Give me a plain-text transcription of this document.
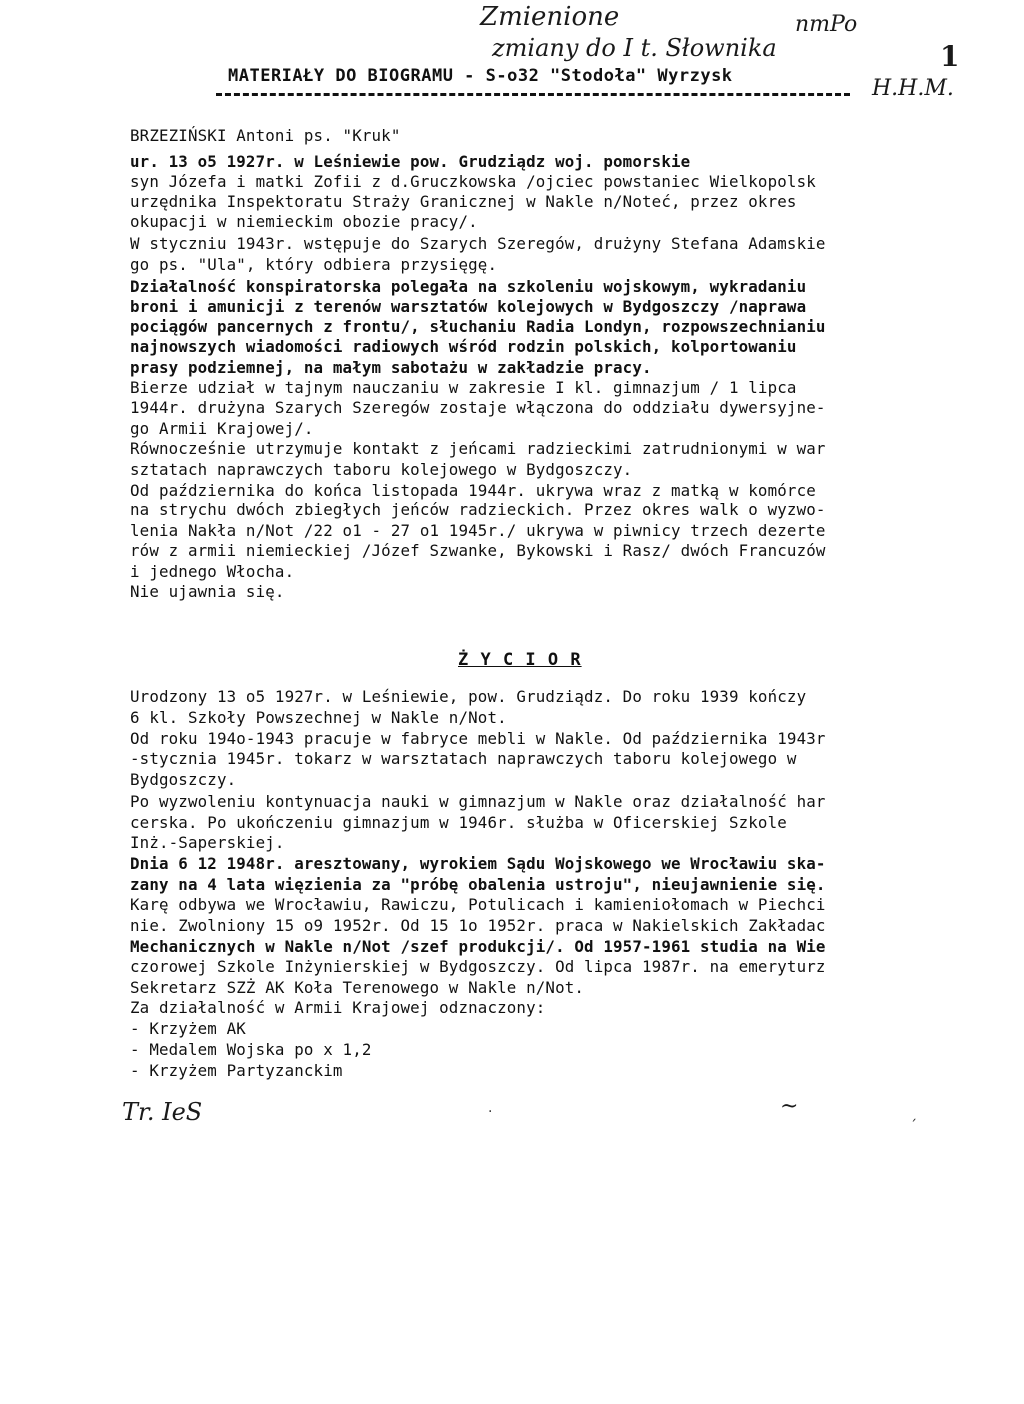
Zmienione	nmPo
zmiany do I t. Słownika	1
H.H.M.
MATERIAŁY DO BIOGRAMU - S-o32 "Stodoła" Wyrzysk
BRZEZIŃSKI Antoni ps. "Kruk"
ur. 13 o5 1927r. w Leśniewie pow. Grudziądz woj. pomorskie
syn Józefa i matki Zofii z d.Gruczkowska /ojciec powstaniec Wielkopolsk
urzędnika Inspektoratu Straży Granicznej w Nakle n/Noteć, przez okres
okupacji w niemieckim obozie pracy/.
W styczniu 1943r. wstępuje do Szarych Szeregów, drużyny Stefana Adamskie
go ps. "Ula", który odbiera przysięgę.
Działalność konspiratorska polegała na szkoleniu wojskowym, wykradaniu
broni i amunicji z terenów warsztatów kolejowych w Bydgoszczy /naprawa
pociągów pancernych z frontu/, słuchaniu Radia Londyn, rozpowszechnianiu
najnowszych wiadomości radiowych wśród rodzin polskich, kolportowaniu
prasy podziemnej, na małym sabotażu w zakładzie pracy.
Bierze udział w tajnym nauczaniu w zakresie I kl. gimnazjum / 1 lipca
1944r. drużyna Szarych Szeregów zostaje włączona do oddziału dywersyjne-
go Armii Krajowej/.
Równocześnie utrzymuje kontakt z jeńcami radzieckimi zatrudnionymi w war
sztatach naprawczych taboru kolejowego w Bydgoszczy.
Od października do końca listopada 1944r. ukrywa wraz z matką w komórce
na strychu dwóch zbiegłych jeńców radzieckich. Przez okres walk o wyzwo-
lenia Nakła n/Not /22 o1 - 27 o1 1945r./ ukrywa w piwnicy trzech dezerte
rów z armii niemieckiej /Józef Szwanke, Bykowski i Rasz/ dwóch Francuzów
i jednego Włocha.
Nie ujawnia się.
Ż Y C I O R
Urodzony 13 o5 1927r. w Leśniewie, pow. Grudziądz. Do roku 1939 kończy
6 kl. Szkoły Powszechnej w Nakle n/Not.
Od roku 194o-1943 pracuje w fabryce mebli w Nakle. Od października 1943r
-stycznia 1945r. tokarz w warsztatach naprawczych taboru kolejowego w
Bydgoszczy.
Po wyzwoleniu kontynuacja nauki w gimnazjum w Nakle oraz działalność har
cerska. Po ukończeniu gimnazjum w 1946r. służba w Oficerskiej Szkole
Inż.-Saperskiej.
Dnia 6 12 1948r. aresztowany, wyrokiem Sądu Wojskowego we Wrocławiu ska-
zany na 4 lata więzienia za "próbę obalenia ustroju", nieujawnienie się.
Karę odbywa we Wrocławiu, Rawiczu, Potulicach i kamieniołomach w Piechci
nie. Zwolniony 15 o9 1952r. Od 15 1o 1952r. praca w Nakielskich Zakładac
Mechanicznych w Nakle n/Not /szef produkcji/. Od 1957-1961 studia na Wie
czorowej Szkole Inżynierskiej w Bydgoszczy. Od lipca 1987r. na emeryturz
Sekretarz SZŻ AK Koła Terenowego w Nakle n/Not.
Za działalność w Armii Krajowej odznaczony:
- Krzyżem AK
- Medalem Wojska po x 1,2
- Krzyżem Partyzanckim
Tr. IeS	~
·	ˏ
